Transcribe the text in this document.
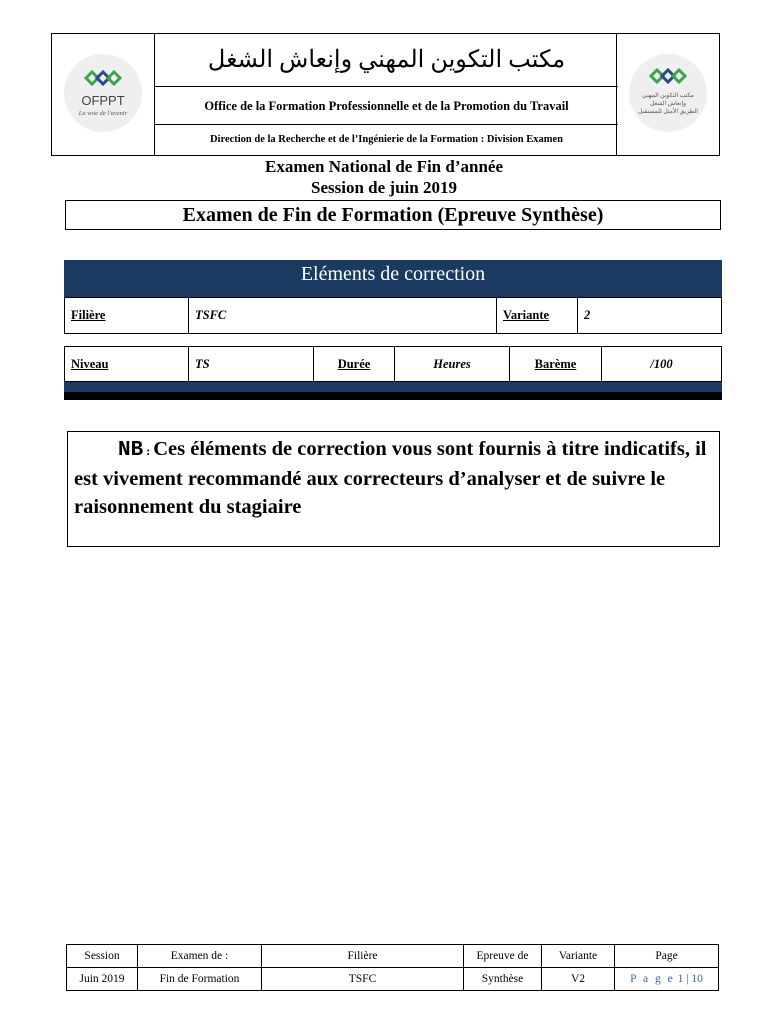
OFPPT
La voie de l'avenir
مكتب التكوين المهني وإنعاش الشغل
Office de la Formation Professionnelle et de la Promotion du Travail
Direction de la Recherche et de l’Ingénierie de la Formation : Division Examen
مكتب التكوين المهني
وإنعاش الشغل
الطريق الأمثل للمستقبل
Examen National de Fin d’année
Session de juin 2019
Examen de Fin de Formation (Epreuve Synthèse)
Eléments de correction
Filière	TSFC	Variante	2
Niveau	TS	Durée	Heures	Barème	/100
NB : Ces éléments de correction vous sont fournis à titre indicatifs, il est vivement recommandé aux correcteurs d’analyser et de suivre le raisonnement du stagiaire
Session	Examen de :	Filière	Epreuve de	Variante	Page
Juin 2019	Fin de Formation	TSFC	Synthèse	V2	P a g e 1 | 10
